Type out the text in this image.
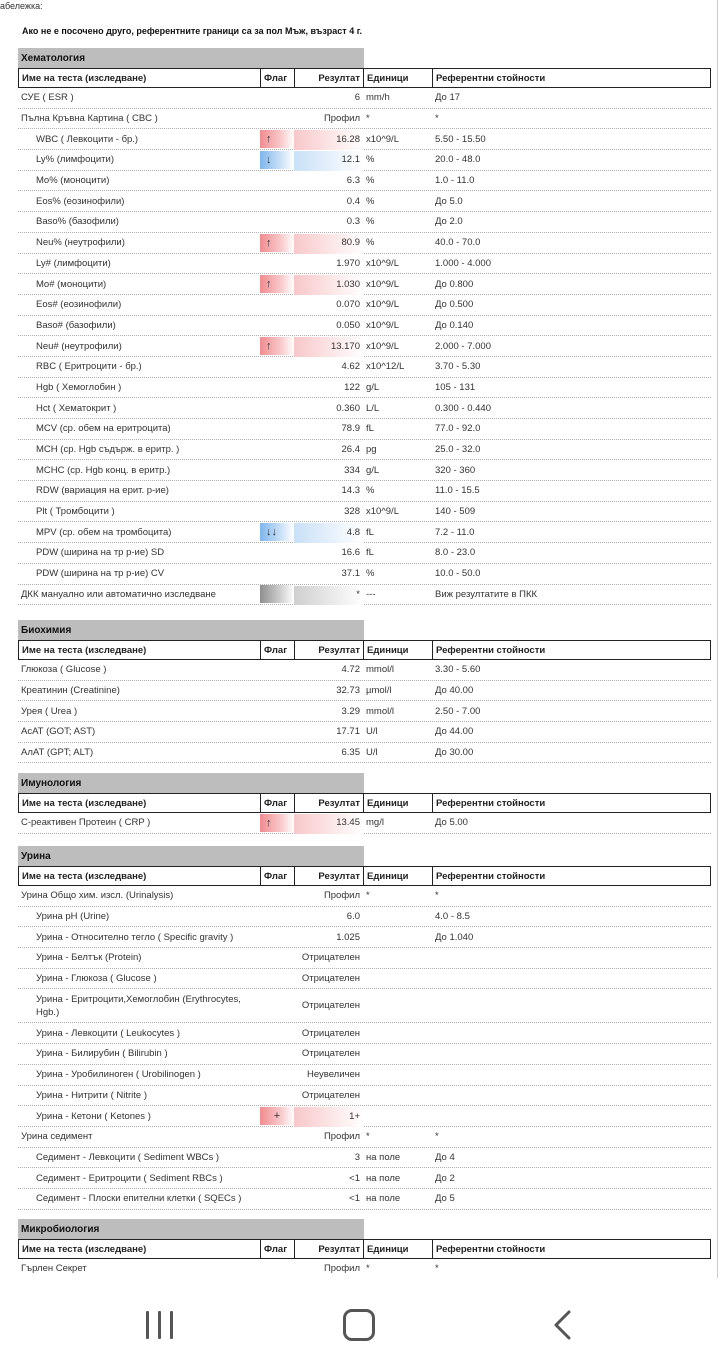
абележка:
Ако не е посочено друго, референтните граници са за пол Мъж, възраст 4 г.
Хематология
Име на теста (изследване)	Флаг	Резултат Единици	Референтни стойности
СУЕ ( ESR )	6 mm/h	До 17
Пълна Кръвна Картина ( CBC )	Профил *	*
WBC ( Левкоцити - бр.)	↑	16.28 x10^9/L	5.50 - 15.50
Ly% (лимфоцити)	↓	12.1 %	20.0 - 48.0
Mo% (моноцити)	6.3 %	1.0 - 11.0
Eos% (еозинофили)	0.4 %	До 5.0
Baso% (базофили)	0.3 %	До 2.0
Neu% (неутрофили)	↑	80.9 %	40.0 - 70.0
Ly# (лимфоцити)	1.970 x10^9/L	1.000 - 4.000
Mo# (моноцити)	↑	1.030 x10^9/L	До 0.800
Eos# (еозинофили)	0.070 x10^9/L	До 0.500
Baso# (базофили)	0.050 x10^9/L	До 0.140
Neu# (неутрофили)	↑	13.170 x10^9/L	2.000 - 7.000
RBC ( Еритроцити - бр.)	4.62 x10^12/L	3.70 - 5.30
Hgb ( Хемоглобин )	122 g/L	105 - 131
Hct ( Хематокрит )	0.360 L/L	0.300 - 0.440
MCV (ср. обем на еритроцита)	78.9 fL	77.0 - 92.0
MCH (ср. Hgb съдърж. в еритр. )	26.4 pg	25.0 - 32.0
MCHC (ср. Hgb конц. в еритр.)	334 g/L	320 - 360
RDW (вариация на ерит. р-ие)	14.3 %	11.0 - 15.5
Plt ( Тромбоцити )	328 x10^9/L	140 - 509
MPV (ср. обем на тромбоцита)	↓↓	4.8 fL	7.2 - 11.0
PDW (ширина на тр р-ие) SD	16.6 fL	8.0 - 23.0
PDW (ширина на тр р-ие) CV	37.1 %	10.0 - 50.0
ДКК мануално или автоматично изследване	* ---	Виж резултатите в ПКК
Биохимия
Име на теста (изследване)	Флаг	Резултат Единици	Референтни стойности
Глюкоза ( Glucose )	4.72 mmol/l	3.30 - 5.60
Креатинин (Creatinine)	32.73 µmol/l	До 40.00
Урея ( Urea )	3.29 mmol/l	2.50 - 7.00
АсАТ (GOT; AST)	17.71 U/l	До 44.00
АлАТ (GPT; ALT)	6.35 U/l	До 30.00
Имунология
Име на теста (изследване)	Флаг	Резултат Единици	Референтни стойности
С-реактивен Протеин ( CRP )	↑	13.45 mg/l	До 5.00
Урина
Име на теста (изследване)	Флаг	Резултат Единици	Референтни стойности
Урина Общо хим. изсл. (Urinalysis)	Профил *	*
Урина pH (Urine)	6.0	4.0 - 8.5
Урина - Относително тегло ( Specific gravity )	1.025	До 1.040
Урина - Белтък (Protein)	Отрицателен
Урина - Глюкоза ( Glucose )	Отрицателен
Урина - Еритроцити,Хемоглобин (Erythrocytes, Hgb.)
Отрицателен
Урина - Левкоцити ( Leukocytes )	Отрицателен
Урина - Билирубин ( Bilirubin )	Отрицателен
Урина - Уробилиноген ( Urobilinogen )	Неувеличен
Урина - Нитрити ( Nitrite )	Отрицателен
Урина - Кетони ( Ketones )	+	1+
Урина седимент	Профил *	*
Седимент - Левкоцити ( Sediment WBCs )	3 на поле	До 4
Седимент - Еритроцити ( Sediment RBCs )	<1 на поле	До 2
Седимент - Плоски епителни клетки ( SQECs )	<1 на поле	До 5
Микробиология
Име на теста (изследване)	Флаг	Резултат Единици	Референтни стойности
Гърлен Секрет	Профил *	*
